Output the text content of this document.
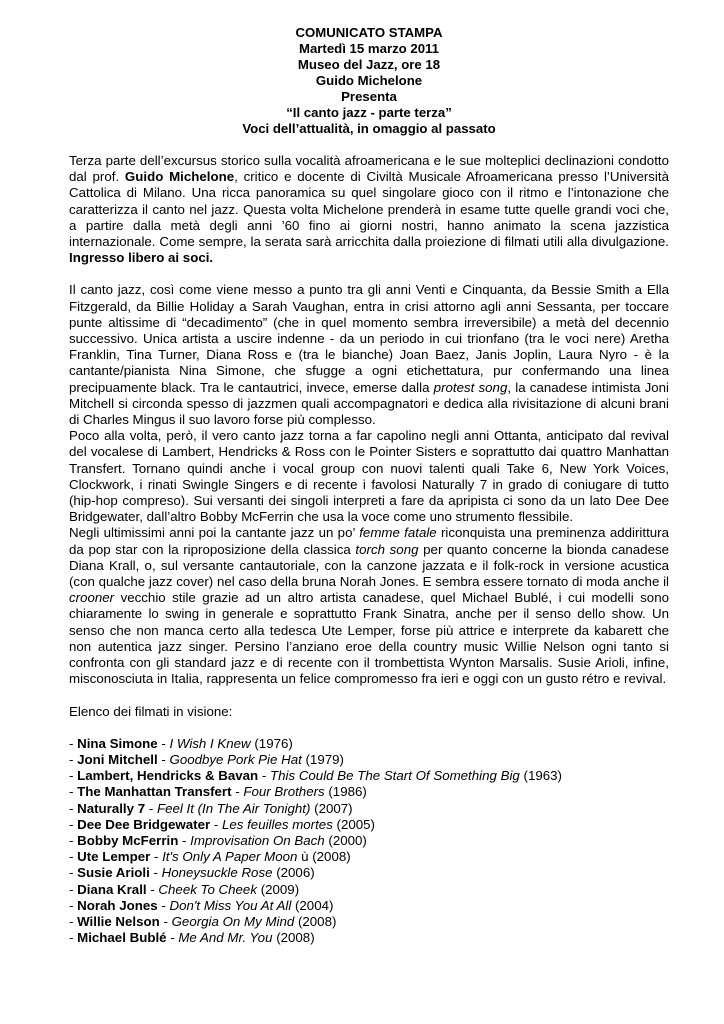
COMUNICATO STAMPA
Martedì 15 marzo 2011
Museo del Jazz, ore 18
Guido Michelone
Presenta
“Il canto jazz - parte terza”
Voci dell’attualità, in omaggio al passato

Terza parte dell’excursus storico sulla vocalità afroamericana e le sue molteplici declinazioni condotto dal prof. Guido Michelone, critico e docente di Civiltà Musicale Afroamericana presso l’Università Cattolica di Milano. Una ricca panoramica su quel singolare gioco con il ritmo e l’intonazione che caratterizza il canto nel jazz. Questa volta Michelone prenderà in esame tutte quelle grandi voci che, a partire dalla metà degli anni ’60 fino ai giorni nostri, hanno animato la scena jazzistica internazionale. Come sempre, la serata sarà arricchita dalla proiezione di filmati utili alla divulgazione. Ingresso libero ai soci.

Il canto jazz, così come viene messo a punto tra gli anni Venti e Cinquanta, da Bessie Smith a Ella Fitzgerald, da Billie Holiday a Sarah Vaughan, entra in crisi attorno agli anni Sessanta, per toccare punte altissime di “decadimento” (che in quel momento sembra irreversibile) a metà del decennio successivo. Unica artista a uscire indenne - da un periodo in cui trionfano (tra le voci nere) Aretha Franklin, Tina Turner, Diana Ross e (tra le bianche) Joan Baez, Janis Joplin, Laura Nyro - è la cantante/pianista Nina Simone, che sfugge a ogni etichettatura, pur confermando una linea precipuamente black. Tra le cantautrici, invece, emerse dalla protest song, la canadese intimista Joni Mitchell si circonda spesso di jazzmen quali accompagnatori e dedica alla rivisitazione di alcuni brani di Charles Mingus il suo lavoro forse più complesso.

Poco alla volta, però, il vero canto jazz torna a far capolino negli anni Ottanta, anticipato dal revival del vocalese di Lambert, Hendricks & Ross con le Pointer Sisters e soprattutto dai quattro Manhattan Transfert. Tornano quindi anche i vocal group con nuovi talenti quali Take 6, New York Voices, Clockwork, i rinati Swingle Singers e di recente i favolosi Naturally 7 in grado di coniugare di tutto (hip-hop compreso). Sui versanti dei singoli interpreti a fare da apripista ci sono da un lato Dee Dee Bridgewater, dall’altro Bobby McFerrin che usa la voce come uno strumento flessibile.

Negli ultimissimi anni poi la cantante jazz un po’ femme fatale riconquista una preminenza addirittura da pop star con la riproposizione della classica torch song per quanto concerne la bionda canadese Diana Krall, o, sul versante cantautoriale, con la canzone jazzata e il folk-rock in versione acustica (con qualche jazz cover) nel caso della bruna Norah Jones. E sembra essere tornato di moda anche il crooner vecchio stile grazie ad un altro artista canadese, quel Michael Bublé, i cui modelli sono chiaramente lo swing in generale e soprattutto Frank Sinatra, anche per il senso dello show. Un senso che non manca certo alla tedesca Ute Lemper, forse più attrice e interprete da kabarett che non autentica jazz singer. Persino l’anziano eroe della country music Willie Nelson ogni tanto si confronta con gli standard jazz e di recente con il trombettista Wynton Marsalis. Susie Arioli, infine, misconosciuta in Italia, rappresenta un felice compromesso fra ieri e oggi con un gusto rétro e revival.

Elenco dei filmati in visione:

- Nina Simone - I Wish I Knew (1976)
- Joni Mitchell - Goodbye Pork Pie Hat (1979)
- Lambert, Hendricks & Bavan - This Could Be The Start Of Something Big (1963)
- The Manhattan Transfert - Four Brothers (1986)
- Naturally 7 - Feel It (In The Air Tonight) (2007)
- Dee Dee Bridgewater - Les feuilles mortes (2005)
- Bobby McFerrin - Improvisation On Bach (2000)
- Ute Lemper - It's Only A Paper Moon ù (2008)
- Susie Arioli - Honeysuckle Rose (2006)
- Diana Krall - Cheek To Cheek (2009)
- Norah Jones - Don't Miss You At All (2004)
- Willie Nelson - Georgia On My Mind (2008)
- Michael Bublé - Me And Mr. You (2008)
